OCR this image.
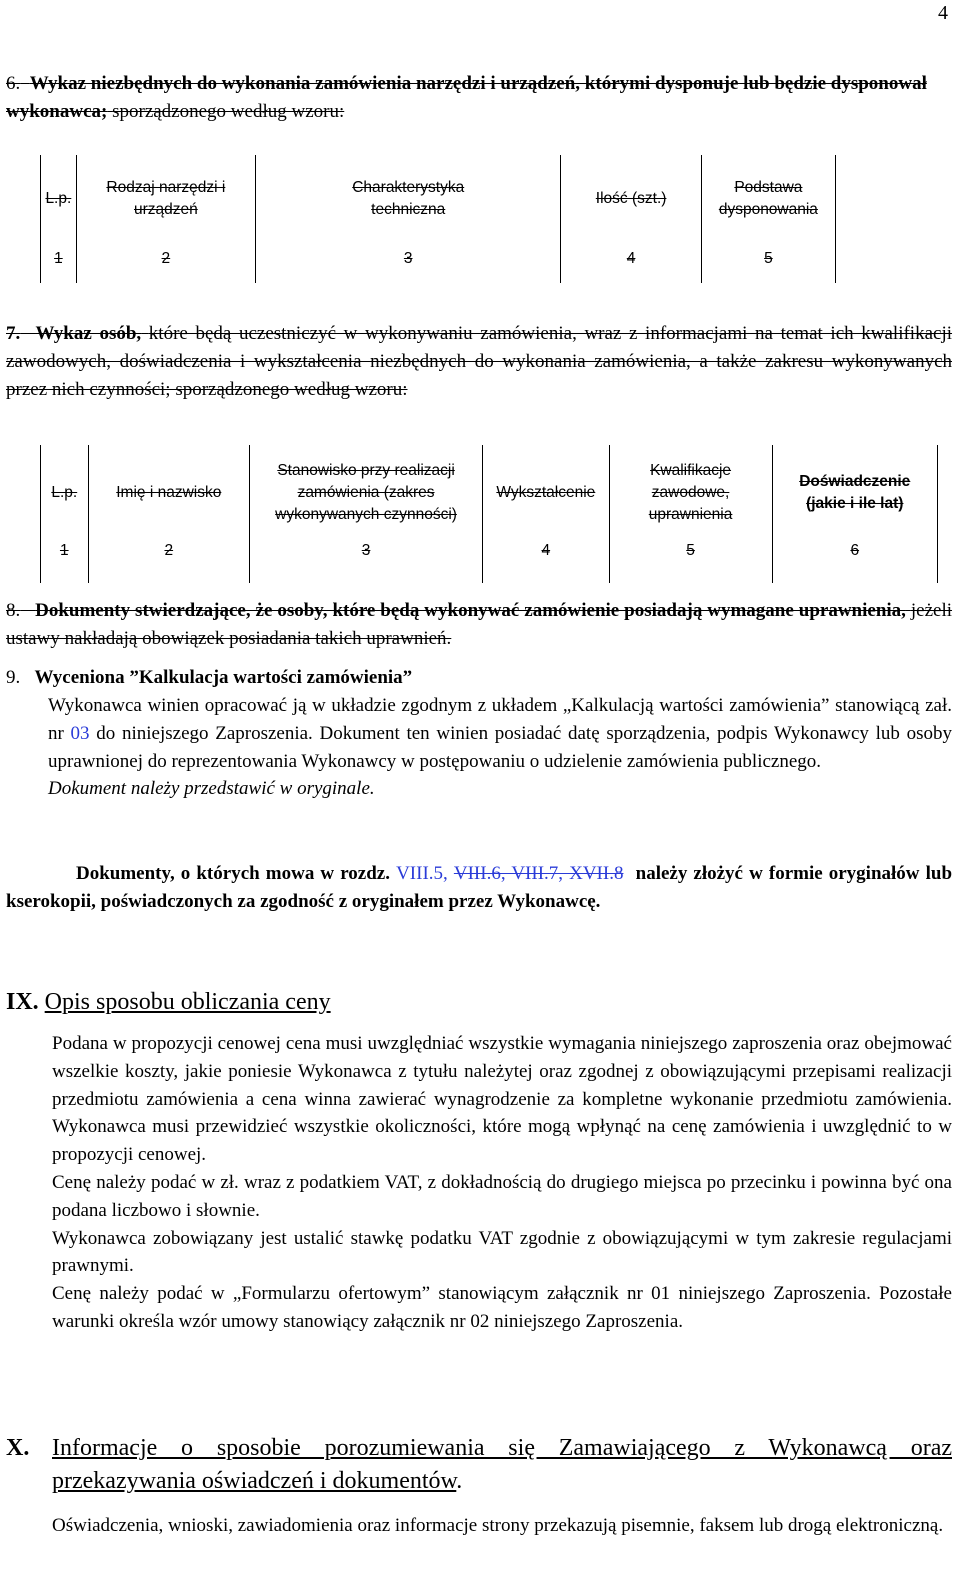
4
6. Wykaz niezbędnych do wykonania zamówienia narzędzi i urządzeń, którymi dysponuje lub będzie dysponował wykonawca; sporządzonego według wzoru:
L.p.	Rodzaj narzędzi i urządzeń	Charakterystyka techniczna	Ilość (szt.)	Podstawa dysponowania
1	2	3	4	5
7. Wykaz osób, które będą uczestniczyć w wykonywaniu zamówienia, wraz z informacjami na temat ich kwalifikacji zawodowych, doświadczenia i wykształcenia niezbędnych do wykonania zamówienia, a także zakresu wykonywanych przez nich czynności; sporządzonego według wzoru:
L.p.	Imię i nazwisko	Stanowisko przy realizacji zamówienia (zakres wykonywanych czynności)	Wykształcenie	Kwalifikacje zawodowe, uprawnienia	Doświadczenie (jakie i ile lat)
1	2	3	4	5	6
8. Dokumenty stwierdzające, że osoby, które będą wykonywać zamówienie posiadają wymagane uprawnienia, jeżeli ustawy nakładają obowiązek posiadania takich uprawnień.
9. Wyceniona ”Kalkulacja wartości zamówienia”
Wykonawca winien opracować ją w układzie zgodnym z układem „Kalkulacją wartości zamówienia” stanowiącą zał. nr 03 do niniejszego Zaproszenia. Dokument ten winien posiadać datę sporządzenia, podpis Wykonawcy lub osoby uprawnionej do reprezentowania Wykonawcy w postępowaniu o udzielenie zamówienia publicznego.
Dokument należy przedstawić w oryginale.
Dokumenty, o których mowa w rozdz. VIII.5, VIII.6, VIII.7, XVII.8 należy złożyć w formie oryginałów lub kserokopii, poświadczonych za zgodność z oryginałem przez Wykonawcę.
IX. Opis sposobu obliczania ceny
Podana w propozycji cenowej cena musi uwzględniać wszystkie wymagania niniejszego zaproszenia oraz obejmować wszelkie koszty, jakie poniesie Wykonawca z tytułu należytej oraz zgodnej z obowiązującymi przepisami realizacji przedmiotu zamówienia a cena winna zawierać wynagrodzenie za kompletne wykonanie przedmiotu zamówienia. Wykonawca musi przewidzieć wszystkie okoliczności, które mogą wpłynąć na cenę zamówienia i uwzględnić to w propozycji cenowej.
Cenę należy podać w zł. wraz z podatkiem VAT, z dokładnością do drugiego miejsca po przecinku i powinna być ona podana liczbowo i słownie.
Wykonawca zobowiązany jest ustalić stawkę podatku VAT zgodnie z obowiązującymi w tym zakresie regulacjami prawnymi.
Cenę należy podać w „Formularzu ofertowym” stanowiącym załącznik nr 01 niniejszego Zaproszenia. Pozostałe warunki określa wzór umowy stanowiący załącznik nr 02 niniejszego Zaproszenia.
X. Informacje o sposobie porozumiewania się Zamawiającego z Wykonawcą oraz przekazywania oświadczeń i dokumentów.
Oświadczenia, wnioski, zawiadomienia oraz informacje strony przekazują pisemnie, faksem lub drogą elektroniczną.
